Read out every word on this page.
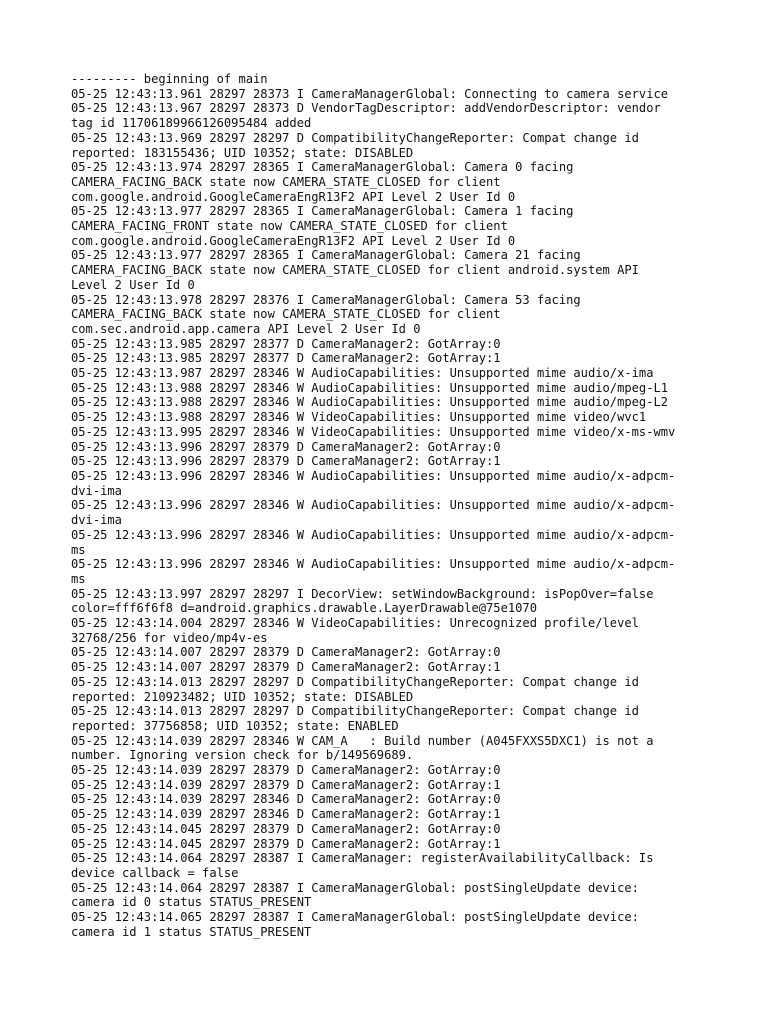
--------- beginning of main

05-25 12:43:13.961 28297 28373 I CameraManagerGlobal: Connecting to camera service

05-25 12:43:13.967 28297 28373 D VendorTagDescriptor: addVendorDescriptor: vendor

tag id 11706189966126095484 added

05-25 12:43:13.969 28297 28297 D CompatibilityChangeReporter: Compat change id

reported: 183155436; UID 10352; state: DISABLED

05-25 12:43:13.974 28297 28365 I CameraManagerGlobal: Camera 0 facing

CAMERA_FACING_BACK state now CAMERA_STATE_CLOSED for client

com.google.android.GoogleCameraEngR13F2 API Level 2 User Id 0

05-25 12:43:13.977 28297 28365 I CameraManagerGlobal: Camera 1 facing

CAMERA_FACING_FRONT state now CAMERA_STATE_CLOSED for client

com.google.android.GoogleCameraEngR13F2 API Level 2 User Id 0

05-25 12:43:13.977 28297 28365 I CameraManagerGlobal: Camera 21 facing

CAMERA_FACING_BACK state now CAMERA_STATE_CLOSED for client android.system API

Level 2 User Id 0

05-25 12:43:13.978 28297 28376 I CameraManagerGlobal: Camera 53 facing

CAMERA_FACING_BACK state now CAMERA_STATE_CLOSED for client

com.sec.android.app.camera API Level 2 User Id 0

05-25 12:43:13.985 28297 28377 D CameraManager2: GotArray:0

05-25 12:43:13.985 28297 28377 D CameraManager2: GotArray:1

05-25 12:43:13.987 28297 28346 W AudioCapabilities: Unsupported mime audio/x-ima

05-25 12:43:13.988 28297 28346 W AudioCapabilities: Unsupported mime audio/mpeg-L1

05-25 12:43:13.988 28297 28346 W AudioCapabilities: Unsupported mime audio/mpeg-L2

05-25 12:43:13.988 28297 28346 W VideoCapabilities: Unsupported mime video/wvc1

05-25 12:43:13.995 28297 28346 W VideoCapabilities: Unsupported mime video/x-ms-wmv

05-25 12:43:13.996 28297 28379 D CameraManager2: GotArray:0

05-25 12:43:13.996 28297 28379 D CameraManager2: GotArray:1

05-25 12:43:13.996 28297 28346 W AudioCapabilities: Unsupported mime audio/x-adpcm-

dvi-ima

05-25 12:43:13.996 28297 28346 W AudioCapabilities: Unsupported mime audio/x-adpcm-

dvi-ima

05-25 12:43:13.996 28297 28346 W AudioCapabilities: Unsupported mime audio/x-adpcm-

ms

05-25 12:43:13.996 28297 28346 W AudioCapabilities: Unsupported mime audio/x-adpcm-

ms

05-25 12:43:13.997 28297 28297 I DecorView: setWindowBackground: isPopOver=false

color=fff6f6f8 d=android.graphics.drawable.LayerDrawable@75e1070

05-25 12:43:14.004 28297 28346 W VideoCapabilities: Unrecognized profile/level

32768/256 for video/mp4v-es

05-25 12:43:14.007 28297 28379 D CameraManager2: GotArray:0

05-25 12:43:14.007 28297 28379 D CameraManager2: GotArray:1

05-25 12:43:14.013 28297 28297 D CompatibilityChangeReporter: Compat change id

reported: 210923482; UID 10352; state: DISABLED

05-25 12:43:14.013 28297 28297 D CompatibilityChangeReporter: Compat change id

reported: 37756858; UID 10352; state: ENABLED

05-25 12:43:14.039 28297 28346 W CAM_A   : Build number (A045FXXS5DXC1) is not a

number. Ignoring version check for b/149569689.

05-25 12:43:14.039 28297 28379 D CameraManager2: GotArray:0

05-25 12:43:14.039 28297 28379 D CameraManager2: GotArray:1

05-25 12:43:14.039 28297 28346 D CameraManager2: GotArray:0

05-25 12:43:14.039 28297 28346 D CameraManager2: GotArray:1

05-25 12:43:14.045 28297 28379 D CameraManager2: GotArray:0

05-25 12:43:14.045 28297 28379 D CameraManager2: GotArray:1

05-25 12:43:14.064 28297 28387 I CameraManager: registerAvailabilityCallback: Is

device callback = false

05-25 12:43:14.064 28297 28387 I CameraManagerGlobal: postSingleUpdate device:

camera id 0 status STATUS_PRESENT

05-25 12:43:14.065 28297 28387 I CameraManagerGlobal: postSingleUpdate device:

camera id 1 status STATUS_PRESENT
